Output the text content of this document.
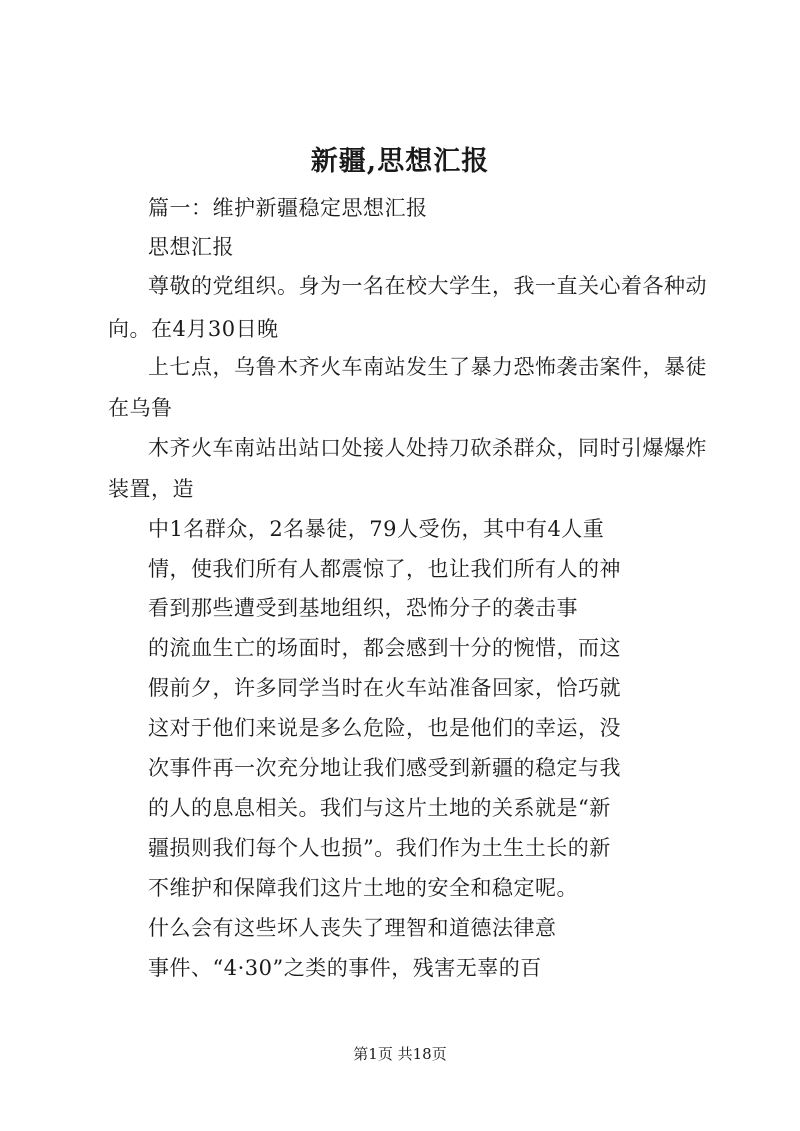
新疆,思想汇报
篇一：维护新疆稳定思想汇报
思想汇报
尊敬的党组织。身为一名在校大学生，我一直关心着各种动
向。在4月30日晚
上七点，乌鲁木齐火车南站发生了暴力恐怖袭击案件，暴徒
在乌鲁
木齐火车南站出站口处接人处持刀砍杀群众，同时引爆爆炸
装置，造
中1名群众，2名暴徒，79人受伤，其中有4人重
情，使我们所有人都震惊了，也让我们所有人的神
看到那些遭受到基地组织，恐怖分子的袭击事
的流血生亡的场面时，都会感到十分的惋惜，而这
假前夕，许多同学当时在火车站准备回家，恰巧就
这对于他们来说是多么危险，也是他们的幸运，没
次事件再一次充分地让我们感受到新疆的稳定与我
的人的息息相关。我们与这片土地的关系就是“新
疆损则我们每个人也损”。我们作为土生土长的新
不维护和保障我们这片土地的安全和稳定呢。
什么会有这些坏人丧失了理智和道德法律意
事件、“4·30”之类的事件，残害无辜的百
第1页 共18页
